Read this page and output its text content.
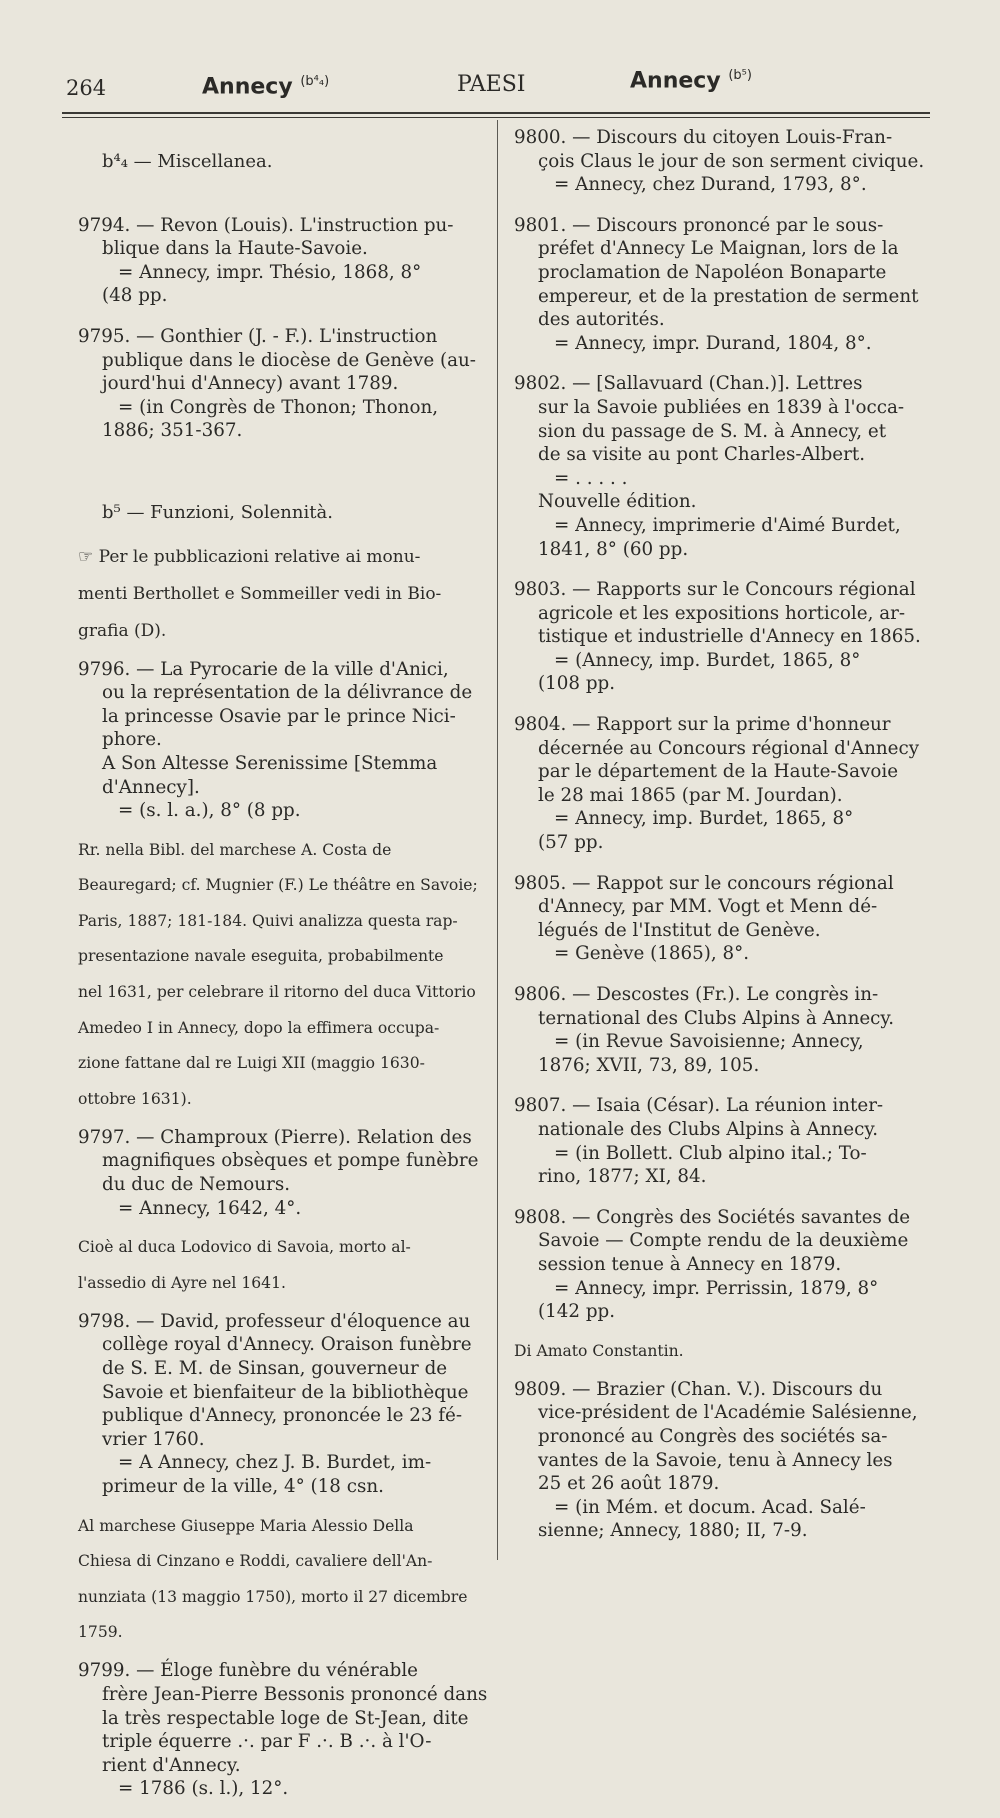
264	Annecy $^{(b^4_4)}$	PAESI	Annecy $^{(b^5)}$
b⁴₄ — Miscellanea.

9794. — Revon (Louis). L'instruction pu-

blique dans la Haute-Savoie.

= Annecy, impr. Thésio, 1868, 8°

(48 pp.

9795. — Gonthier (J. - F.). L'instruction

publique dans le diocèse de Genève (au-

jourd'hui d'Annecy) avant 1789.

= (in Congrès de Thonon; Thonon,

1886; 351-367.

b⁵ — Funzioni, Solennità.

☞ Per le pubblicazioni relative ai monu-

menti Berthollet e Sommeiller vedi in Bio-

grafia (D).

9796. — La Pyrocarie de la ville d'Anici,

ou la représentation de la délivrance de

la princesse Osavie par le prince Nici-

phore.

A Son Altesse Serenissime [Stemma

d'Annecy].

= (s. l. a.), 8° (8 pp.

Rr. nella Bibl. del marchese A. Costa de

Beauregard; cf. Mugnier (F.) Le théâtre en Savoie;

Paris, 1887; 181-184. Quivi analizza questa rap-

presentazione navale eseguita, probabilmente

nel 1631, per celebrare il ritorno del duca Vittorio

Amedeo I in Annecy, dopo la effimera occupa-

zione fattane dal re Luigi XII (maggio 1630-

ottobre 1631).

9797. — Champroux (Pierre). Relation des

magnifiques obsèques et pompe funèbre

du duc de Nemours.

= Annecy, 1642, 4°.

Cioè al duca Lodovico di Savoia, morto al-

l'assedio di Ayre nel 1641.

9798. — David, professeur d'éloquence au

collège royal d'Annecy. Oraison funèbre

de S. E. M. de Sinsan, gouverneur de

Savoie et bienfaiteur de la bibliothèque

publique d'Annecy, prononcée le 23 fé-

vrier 1760.

= A Annecy, chez J. B. Burdet, im-

primeur de la ville, 4° (18 csn.

Al marchese Giuseppe Maria Alessio Della

Chiesa di Cinzano e Roddi, cavaliere dell'An-

nunziata (13 maggio 1750), morto il 27 dicembre

1759.

9799. — Éloge funèbre du vénérable

frère Jean-Pierre Bessonis prononcé dans

la très respectable loge de St-Jean, dite

triple équerre .·. par F .·. B .·. à l'O-

rient d'Annecy.

= 1786 (s. l.), 12°.

9800. — Discours du citoyen Louis-Fran-

çois Claus le jour de son serment civique.

= Annecy, chez Durand, 1793, 8°.

9801. — Discours prononcé par le sous-

préfet d'Annecy Le Maignan, lors de la

proclamation de Napoléon Bonaparte

empereur, et de la prestation de serment

des autorités.

= Annecy, impr. Durand, 1804, 8°.

9802. — [Sallavuard (Chan.)]. Lettres

sur la Savoie publiées en 1839 à l'occa-

sion du passage de S. M. à Annecy, et

de sa visite au pont Charles-Albert.

= . . . . .

Nouvelle édition.

= Annecy, imprimerie d'Aimé Burdet,

1841, 8° (60 pp.

9803. — Rapports sur le Concours régional

agricole et les expositions horticole, ar-

tistique et industrielle d'Annecy en 1865.

= (Annecy, imp. Burdet, 1865, 8°

(108 pp.

9804. — Rapport sur la prime d'honneur

décernée au Concours régional d'Annecy

par le département de la Haute-Savoie

le 28 mai 1865 (par M. Jourdan).

= Annecy, imp. Burdet, 1865, 8°

(57 pp.

9805. — Rappot sur le concours régional

d'Annecy, par MM. Vogt et Menn dé-

légués de l'Institut de Genève.

= Genève (1865), 8°.

9806. — Descostes (Fr.). Le congrès in-

ternational des Clubs Alpins à Annecy.

= (in Revue Savoisienne; Annecy,

1876; XVII, 73, 89, 105.

9807. — Isaia (César). La réunion inter-

nationale des Clubs Alpins à Annecy.

= (in Bollett. Club alpino ital.; To-

rino, 1877; XI, 84.

9808. — Congrès des Sociétés savantes de

Savoie — Compte rendu de la deuxième

session tenue à Annecy en 1879.

= Annecy, impr. Perrissin, 1879, 8°

(142 pp.

Di Amato Constantin.

9809. — Brazier (Chan. V.). Discours du

vice-président de l'Académie Salésienne,

prononcé au Congrès des sociétés sa-

vantes de la Savoie, tenu à Annecy les

25 et 26 août 1879.

= (in Mém. et docum. Acad. Salé-

sienne; Annecy, 1880; II, 7-9.
